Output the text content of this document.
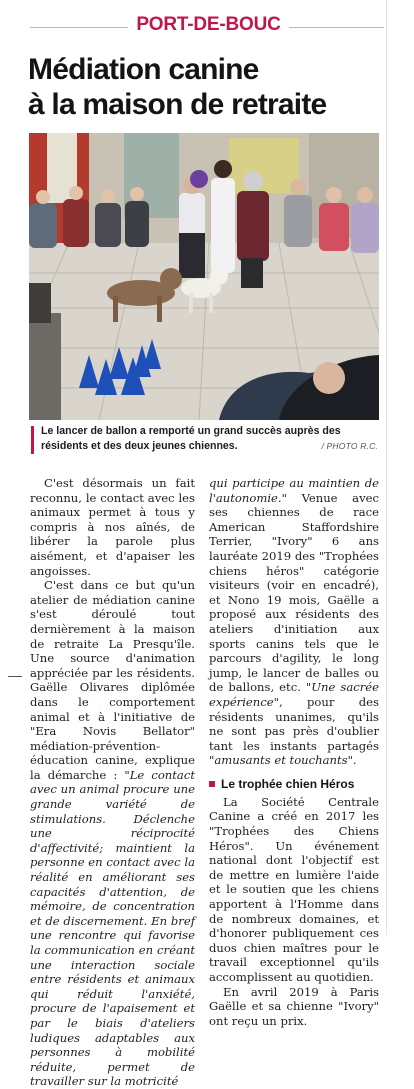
PORT-DE-BOUC
Médiation canine
à la maison de retraite
Le lancer de ballon a remporté un grand succès auprès des résidents et des deux jeunes chiennes.	/ PHOTO R.C.

C'est désormais un fait reconnu, le contact avec les animaux permet à tous y compris à nos aînés, de libérer la parole plus aisément, et d'apaiser les angoisses.

C'est dans ce but qu'un atelier de médiation canine s'est déroulé tout dernièrement à la maison de retraite La Presqu'île. Une source d'animation appréciée par les résidents. Gaëlle Olivares diplômée dans le comportement animal et à l'initiative de "Era Novis Bellator" médiation-prévention-éducation canine, explique la démarche : "Le contact avec un animal procure une grande variété de stimulations. Déclenche une réciprocité d'affectivité; maintient la personne en contact avec la réalité en améliorant ses capacités d'attention, de mémoire, de concentration et de discernement. En bref une rencontre qui favorise la communication en créant une interaction sociale entre résidents et animaux qui réduit l'anxiété, procure de l'apaisement et par le biais d'ateliers ludiques adaptables aux personnes à mobilité réduite, permet de travailler sur la motricité

qui participe au maintien de l'autonomie." Venue avec ses chiennes de race American Staffordshire Terrier, "Ivory" 6 ans lauréate 2019 des "Trophées chiens héros" catégorie visiteurs (voir en encadré), et Nono 19 mois, Gaëlle a proposé aux résidents des ateliers d'initiation aux sports canins tels que le parcours d'agility, le long jump, le lancer de balles ou de ballons, etc. "Une sacrée expérience", pour des résidents unanimes, qu'ils ne sont pas près d'oublier tant les instants partagés "amusants et touchants".

Le trophée chien Héros

La Société Centrale Canine a créé en 2017 les "Trophées des Chiens Héros". Un événement national dont l'objectif est de mettre en lumière l'aide et le soutien que les chiens apportent à l'Homme dans de nombreux domaines, et d'honorer publiquement ces duos chien maîtres pour le travail exceptionnel qu'ils accomplissent au quotidien.

En avril 2019 à Paris Gaëlle et sa chienne "Ivory" ont reçu un prix.
